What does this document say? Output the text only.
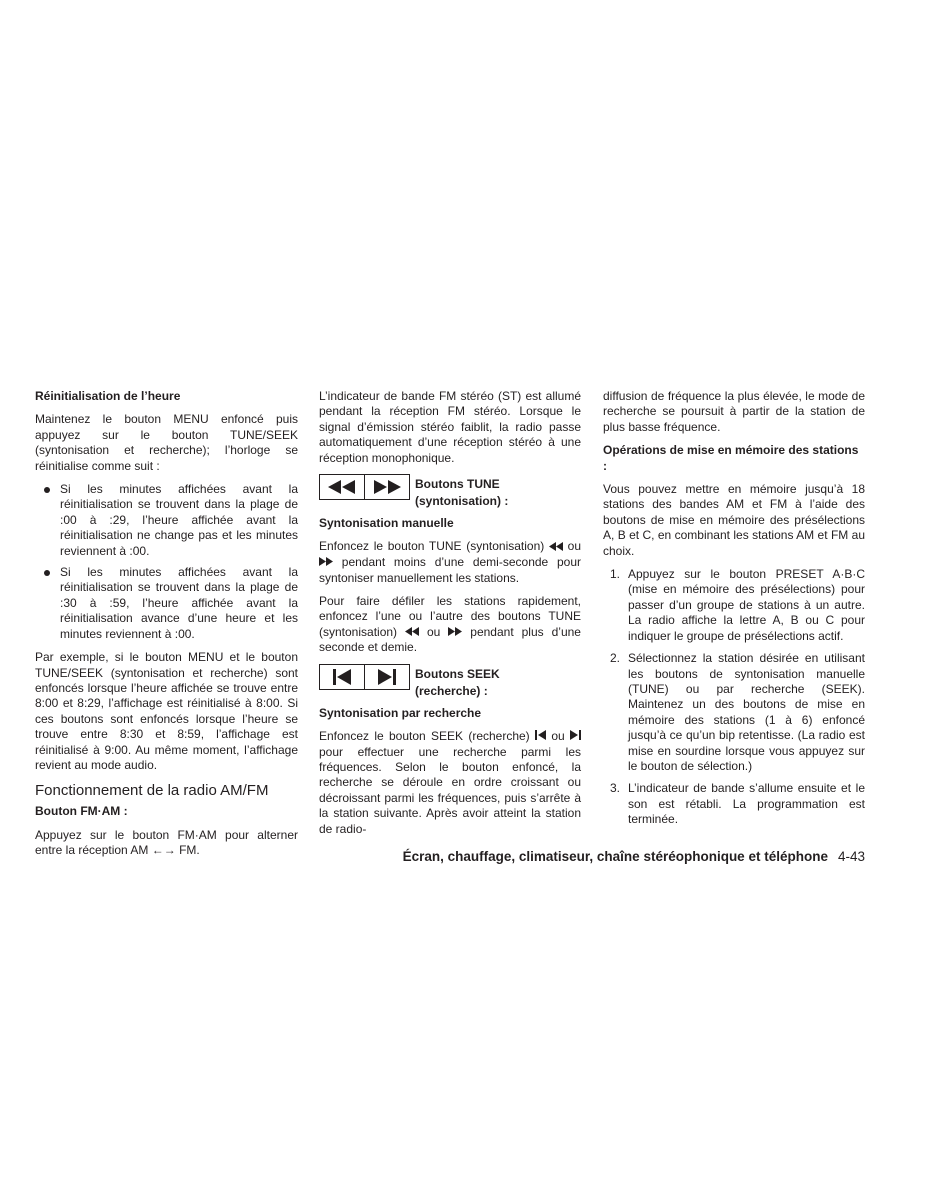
Réinitialisation de l’heure

Maintenez le bouton MENU enfoncé puis appuyez sur le bouton TUNE/SEEK (syntonisation et recherche); l’horloge se réinitialise comme suit :

Si les minutes affichées avant la réinitialisation se trouvent dans la plage de :00 à :29, l’heure affichée avant la réinitialisation ne change pas et les minutes reviennent à :00.
Si les minutes affichées avant la réinitialisation se trouvent dans la plage de :30 à :59, l’heure affichée avant la réinitialisation avance d’une heure et les minutes reviennent à :00.

Par exemple, si le bouton MENU et le bouton TUNE/SEEK (syntonisation et recherche) sont enfoncés lorsque l’heure affichée se trouve entre 8:00 et 8:29, l’affichage est réinitialisé à 8:00. Si ces boutons sont enfoncés lorsque l’heure se trouve entre 8:30 et 8:59, l’affichage est réinitialisé à 9:00. Au même moment, l’affichage revient au mode audio.

Fonctionnement de la radio AM/FM
Bouton FM·AM :

Appuyez sur le bouton FM·AM pour alterner entre la réception AM ←→ FM.

L’indicateur de bande FM stéréo (ST) est allumé pendant la réception FM stéréo. Lorsque le signal d’émission stéréo faiblit, la radio passe automatiquement d’une réception stéréo à une réception monophonique.

Boutons TUNE
(syntonisation) :
Syntonisation manuelle

Enfoncez le bouton TUNE (syntonisation) ou  pendant moins d’une demi-seconde pour syntoniser manuellement les stations.

Pour faire défiler les stations rapidement, enfoncez l’une ou l’autre des boutons TUNE (syntonisation) ou pendant plus d’une seconde et demie.

Boutons SEEK
(recherche) :
Syntonisation par recherche

Enfoncez le bouton SEEK (recherche) ou  pour effectuer une recherche parmi les fréquences. Selon le bouton enfoncé, la recherche se déroule en ordre croissant ou décroissant parmi les fréquences, puis s’arrête à la station suivante. Après avoir atteint la station de radio-

diffusion de fréquence la plus élevée, le mode de recherche se poursuit à partir de la station de plus basse fréquence.

Opérations de mise en mémoire des stations :

Vous pouvez mettre en mémoire jusqu’à 18 stations des bandes AM et FM à l’aide des boutons de mise en mémoire des présélections A, B et C, en combinant les stations AM et FM au choix.

1. Appuyez sur le bouton PRESET A·B·C (mise en mémoire des présélections) pour passer d’un groupe de stations à un autre. La radio affiche la lettre A, B ou C pour indiquer le groupe de présélections actif.
2. Sélectionnez la station désirée en utilisant les boutons de syntonisation manuelle (TUNE) ou par recherche (SEEK). Maintenez un des boutons de mise en mémoire des stations (1 à 6) enfoncé jusqu’à ce qu’un bip retentisse. (La radio est mise en sourdine lorsque vous appuyez sur le bouton de sélection.)
3. L’indicateur de bande s’allume ensuite et le son est rétabli. La programmation est terminée.
Écran, chauffage, climatiseur, chaîne stéréophonique et téléphone 4-43
